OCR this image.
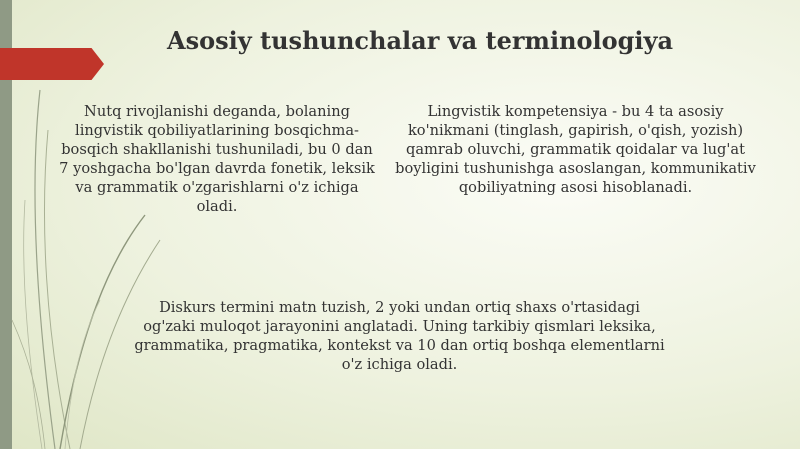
Asosiy tushunchalar va terminologiya

Nutq rivojlanishi deganda, bolaning lingvistik qobiliyatlarining bosqichma-bosqich shakllanishi tushuniladi, bu 0 dan 7 yoshgacha bo'lgan davrda fonetik, leksik va grammatik o'zgarishlarni o'z ichiga oladi.

Lingvistik kompetensiya - bu 4 ta asosiy ko'nikmani (tinglash, gapirish, o'qish, yozish) qamrab oluvchi, grammatik qoidalar va lug'at boyligini tushunishga asoslangan, kommunikativ qobiliyatning asosi hisoblanadi.

Diskurs termini matn tuzish, 2 yoki undan ortiq shaxs o'rtasidagi og'zaki muloqot jarayonini anglatadi. Uning tarkibiy qismlari leksika, grammatika, pragmatika, kontekst va 10 dan ortiq boshqa elementlarni o'z ichiga oladi.
